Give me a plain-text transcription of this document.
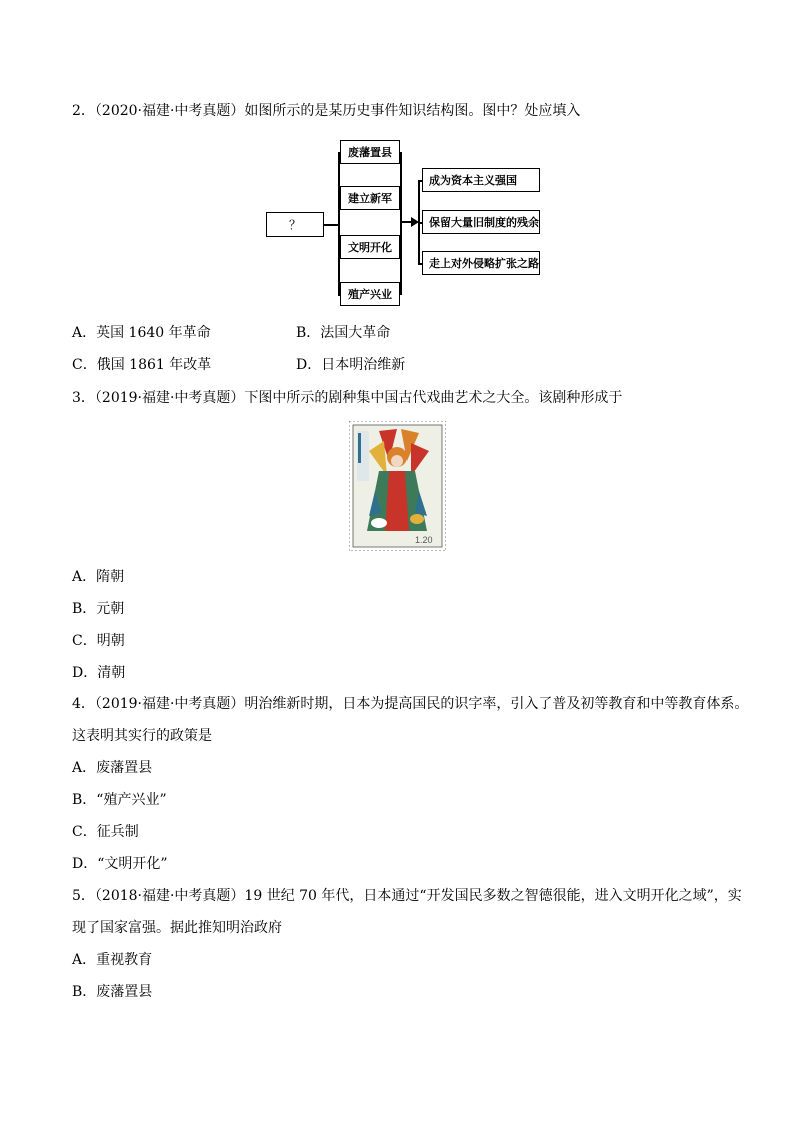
2．（2020·福建·中考真题）如图所示的是某历史事件知识结构图。图中？处应填入
？
废藩置县
建立新军
文明开化
殖产兴业
成为资本主义强国
保留大量旧制度的残余
走上对外侵略扩张之路
A．英国 1640 年革命	B．法国大革命
C．俄国 1861 年改革	D．日本明治维新
3．（2019·福建·中考真题）下图中所示的剧种集中国古代戏曲艺术之大全。该剧种形成于
1.20
A．隋朝
B．元朝
C．明朝
D．清朝
4．（2019·福建·中考真题）明治维新时期，日本为提高国民的识字率，引入了普及初等教育和中等教育体系。
这表明其实行的政策是
A．废藩置县
B．“殖产兴业”
C．征兵制
D．“文明开化”
5．（2018·福建·中考真题）19 世纪 70 年代，日本通过“开发国民多数之智德很能，进入文明开化之域”，实
现了国家富强。据此推知明治政府
A．重视教育
B．废藩置县
